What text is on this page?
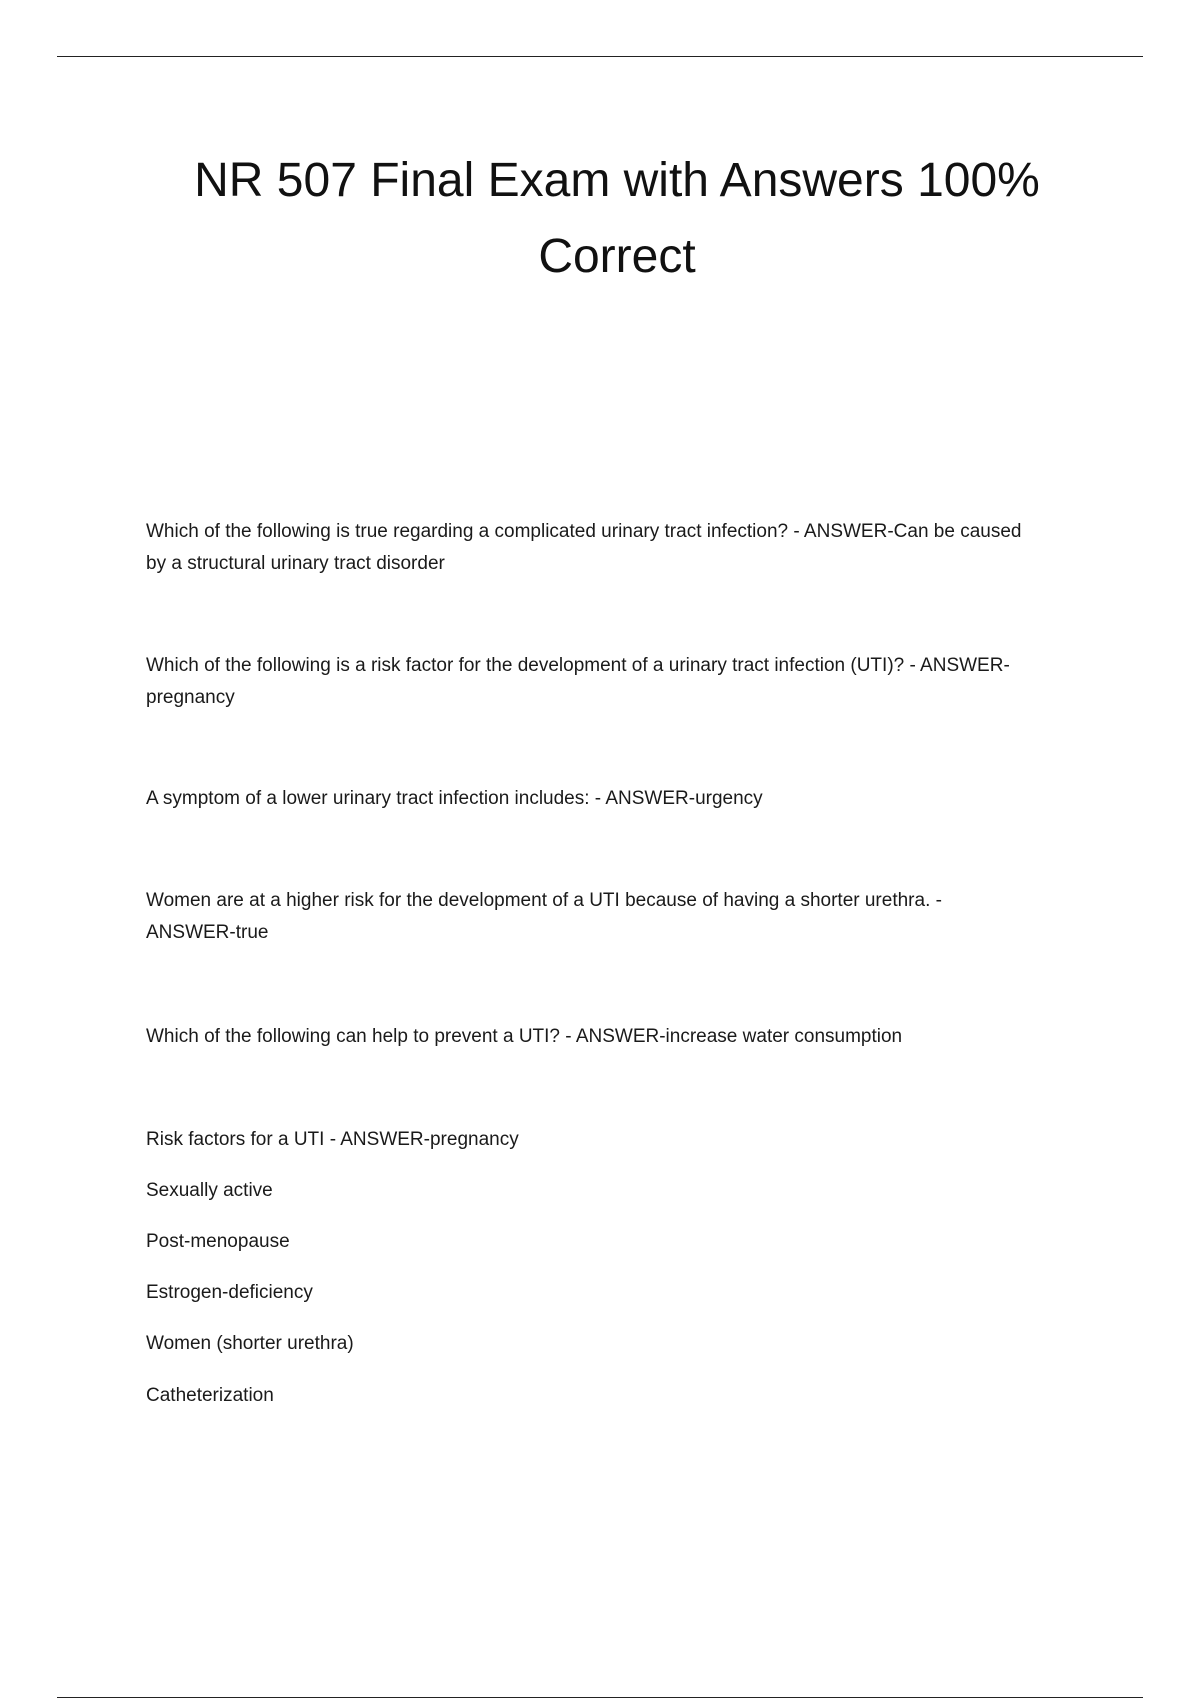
NR 507 Final Exam with Answers 100%
Correct

Which of the following is true regarding a complicated urinary tract infection? - ANSWER-Can be caused
by a structural urinary tract disorder

Which of the following is a risk factor for the development of a urinary tract infection (UTI)? - ANSWER-
pregnancy

A symptom of a lower urinary tract infection includes: - ANSWER-urgency

Women are at a higher risk for the development of a UTI because of having a shorter urethra. -
ANSWER-true

Which of the following can help to prevent a UTI? - ANSWER-increase water consumption

Risk factors for a UTI - ANSWER-pregnancy

Sexually active

Post-menopause

Estrogen-deficiency

Women (shorter urethra)

Catheterization
